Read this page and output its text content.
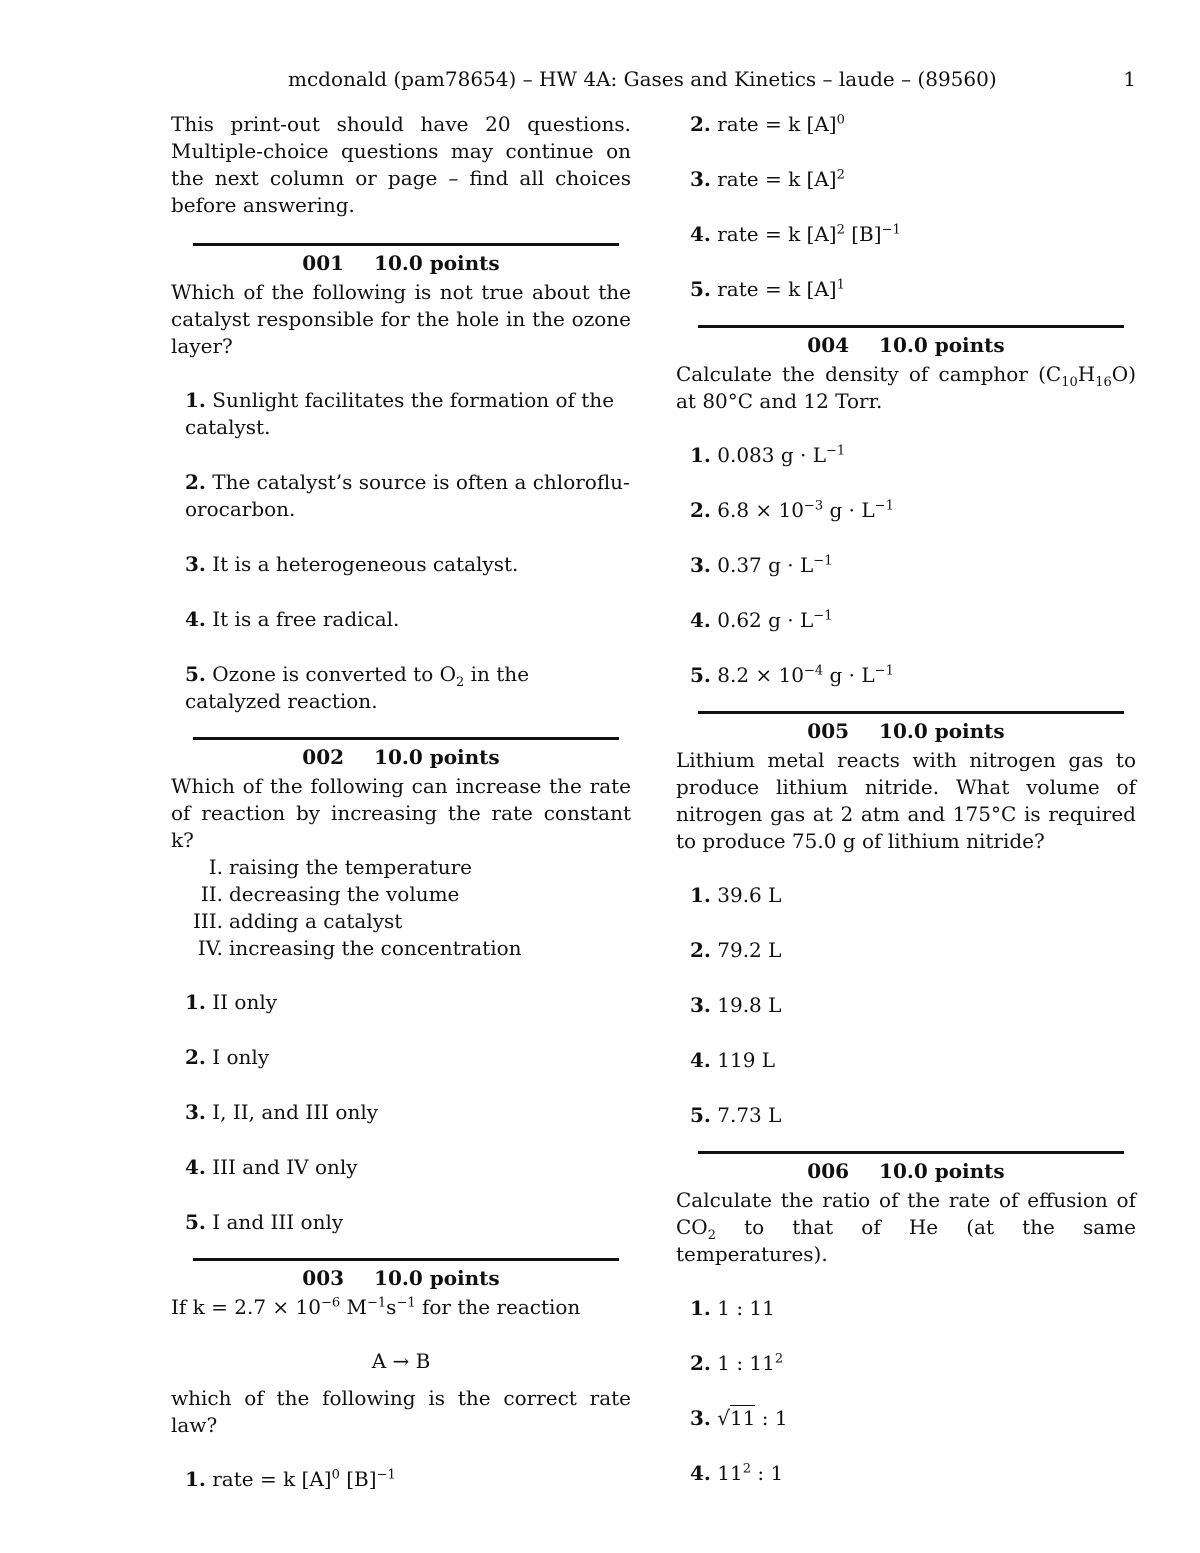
mcdonald (pam78654) – HW 4A: Gases and Kinetics – laude – (89560)	1

This print-out should have 20 questions. Multiple-choice questions may continue on the next column or page – find all choices before answering.

001 10.0 points
Which of the following is not true about the catalyst responsible for the hole in the ozone layer?
1. Sunlight facilitates the formation of the catalyst.
2. The catalyst’s source is often a chloroflu-orocarbon.
3. It is a heterogeneous catalyst.
4. It is a free radical.
5. Ozone is converted to $O_2$ in the catalyzed reaction.
002 10.0 points
Which of the following can increase the rate of reaction by increasing the rate constant k?
I. raising the temperature
II. decreasing the volume
III. adding a catalyst
IV. increasing the concentration
1. II only
2. I only
3. I, II, and III only
4. III and IV only
5. I and III only
003 10.0 points
If $k = 2.7 \times 10^{-6}$ $M^{-1}s^{-1}$ for the reaction
A → B
which of the following is the correct rate law?
1. rate = k $[A]^0$ $[B]^{-1}$
2. rate = k $[A]^0$
3. rate = k $[A]^2$
4. rate = k $[A]^2$ $[B]^{-1}$
5. rate = k $[A]^1$
004 10.0 points
Calculate the density of camphor $(C_{10}H_{16}O)$ at 80°C and 12 Torr.
1. 0.083 $g \cdot L^{-1}$
2. $6.8 \times 10^{-3}$ $g \cdot L^{-1}$
3. 0.37 $g \cdot L^{-1}$
4. 0.62 $g \cdot L^{-1}$
5. $8.2 \times 10^{-4}$ $g \cdot L^{-1}$
005 10.0 points
Lithium metal reacts with nitrogen gas to produce lithium nitride. What volume of nitrogen gas at 2 atm and 175°C is required to produce 75.0 g of lithium nitride?
1. 39.6 L
2. 79.2 L
3. 19.8 L
4. 119 L
5. 7.73 L
006 10.0 points
Calculate the ratio of the rate of effusion of $CO_2$ to that of He (at the same temperatures).
1. 1 : 11
2. 1 : $11^2$
3. √11 : 1
4. $11^2$ : 1
